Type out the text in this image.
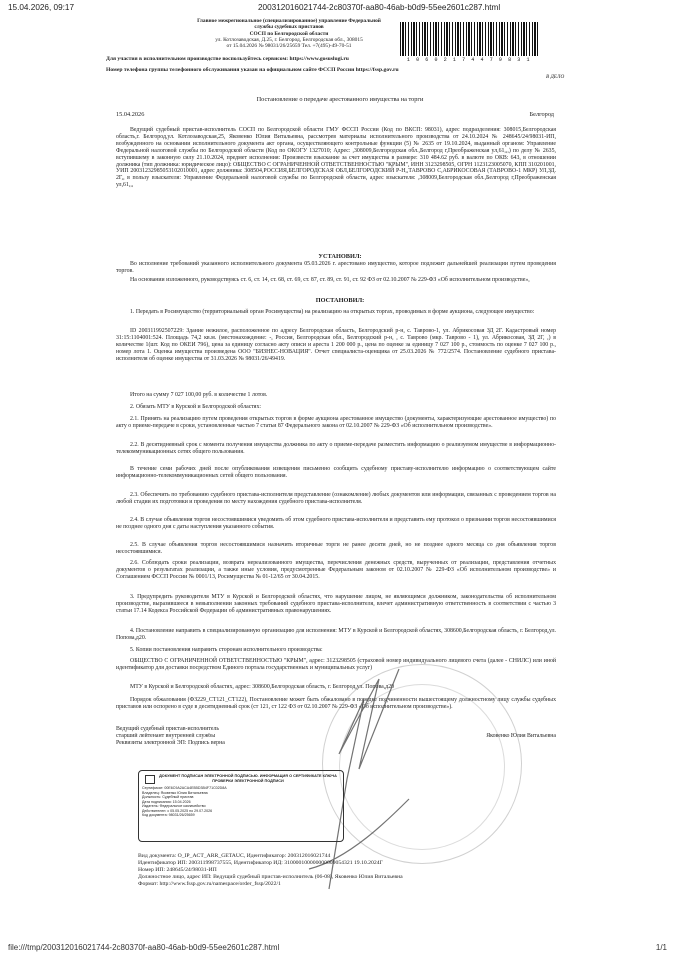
15.04.2026, 09:17	200312016021744-2c80370f-aa80-46ab-b0d9-55ee2601c287.html
Главное межрегиональное (специализированное) управление Федеральной
службы судебных приставов
СОСП по Белгородской области
ул. Котлозаводская, Д.25, г. Белгород, Белгородская обл., 308015
от 15.04.2026 № 98031/26/25659 Тел. +7(495)-49-70-51
1 0 6 0 2 1 7 4 4 7 9 8 3 1
Для участия в исполнительном производстве воспользуйтесь сервисом: https://www.gosuslugi.ru
Номер телефона группы телефонного обслуживания указан на официальном сайте ФССП России https://fssp.gov.ru
В ДЕЛО
Постановление о передаче арестованного имущества на торги
15.04.2026	Белгород
Ведущий судебный пристав-исполнитель СОСП по Белгородской области ГМУ ФССП России (Код по ВКСП: 98031), адрес подразделения: 308015,Белгородская область,г. Белгород,ул. Котлозаводская,25, Яковенко Юлия Витальевна, рассмотрев материалы исполнительного производства от 24.10.2024 № 248645/24/98031-ИП, возбужденного на основании исполнительного документа акт органа, осуществляющего контрольные функции (5) № 2635 от 19.10.2024, выданный органом: Управление Федеральной налоговой службы по Белгородской области (Код по ОКОГУ 1327010; Адрес: ,308009,Белгородская обл.,Белгород г,Преображенская ул,61,,,) по делу № 2635, вступившему в законную силу 21.10.2024, предмет исполнения: Произвести взыскание за счет имущества в размере: 310 484.62 руб. в валюте по ОКВ: 643, в отношении должника (тип должника: юридическое лицо): ОБЩЕСТВО С ОГРАНИЧЕННОЙ ОТВЕТСТВЕННОСТЬЮ "КРЫМ", ИНН 3123298505, ОГРН 1123123005070, КПП 310201001, УИП 20031232985053102010001, адрес должника: 308504,РОССИЯ,БЕЛГОРОДСКАЯ ОБЛ,БЕЛГОРОДСКИЙ Р-Н,,ТАВРОВО С,АБРИКОСОВАЯ (ТАВРОВО-1 МКР) УЛ,ЗД. 2Г,, в пользу взыскателя: Управление Федеральной налоговой службы по Белгородской области, адрес взыскателя: ,308009,Белгородская обл.,Белгород г,Преображенская ул,61,,,
УСТАНОВИЛ:
Во исполнение требований указанного исполнительного документа 05.03.2026 г. арестовано имущество, которое подлежит дальнейшей реализации путем проведения торгов.
На основании изложенного, руководствуясь ст. 6, ст. 14, ст. 68, ст. 69, ст. 87, ст. 89, ст. 91, ст. 92 ФЗ от 02.10.2007 № 229-ФЗ «Об исполнительном производстве»,
ПОСТАНОВИЛ:
1. Передать в Росимущество (территориальный орган Росимущества) на реализацию на открытых торгах, проводимых в форме аукциона, следующее имущество:
ID 200311992507229: Здание нежилое, расположенное по адресу Белгородская область, Белгородский р-н, с. Таврово-1, ул. Абрикосовая ЗД 2Г. Кадастровый номер 31:15:1104001:524. Площадь 74,2 кв.м. (местонахождение: -, Россия, Белгородская обл., Белгородский р-н, , с. Таврово (мкр. Таврово - 1), ул. Абрикосовая, ЗД 2Г, ,) в количестве 1(шт. Код по ОКЕИ 796), цена за единицу согласно акту описи и ареста 1 200 000 р., цена по оценке за единицу 7 027 100 р., стоимость по оценке 7 027 100 р., номер лота 1. Оценка имущества произведена ООО "БИЗНЕС-НОВАЦИЯ". Отчет специалиста-оценщика от 25.03.2026 № 772/2574. Постановление судебного пристава-исполнителя об оценке имущества от 31.03.2026 № 98031/26/49419.
Итого на сумму 7 027 100,00 руб. в количестве 1 лотов.
2. Обязать МТУ в Курской и Белгородской областях:
2.1. Принять на реализацию путем проведения открытых торгов в форме аукциона арестованное имущество (документы, характеризующие арестованное имущество) по акту о приеме-передаче в сроки, установленные частью 7 статьи 87 Федерального закона от 02.10.2007 № 229-ФЗ «Об исполнительном производстве».
2.2. В десятидневный срок с момента получения имущества должника по акту о приеме-передаче разместить информацию о реализуемом имуществе в информационно-телекоммуникационных сетях общего пользования.
В течение семи рабочих дней после опубликования извещения письменно сообщить судебному приставу-исполнителю информацию о соответствующем сайте информационно-телекоммуникационных сетей общего пользования.
2.3. Обеспечить по требованию судебного пристава-исполнителя представление (ознакомление) любых документов или информации, связанных с проведением торгов на любой стадии их подготовки и проведения по месту нахождения судебного пристава-исполнителя.
2.4. В случае объявления торгов несостоявшимися уведомить об этом судебного пристава-исполнителя и представить ему протокол о признании торгов несостоявшимися не позднее одного дня с даты наступления указанного события.
2.5. В случае объявления торгов несостоявшимися назначить вторичные торги не ранее десяти дней, но не позднее одного месяца со дня объявления торгов несостоявшимися.
2.6. Соблюдать сроки реализации, возврата нереализованного имущества, перечисления денежных средств, вырученных от реализации, представления отчетных документов о результатах реализации, а также иные условия, предусмотренные Федеральным законом от 02.10.2007 № 229-ФЗ «Об исполнительном производстве» и Соглашением ФССП России № 0001/13, Росимущества № 01-12/65 от 30.04.2015.
3. Предупредить руководителя МТУ в Курской и Белгородской областях, что нарушение лицом, не являющимся должником, законодательства об исполнительном производстве, выразившееся в невыполнении законных требований судебного пристава-исполнителя, влечет административную ответственность в соответствии с частью 3 статьи 17.14 Кодекса Российской Федерации об административных правонарушениях.
4. Постановление направить в специализированную организацию для исполнения: МТУ в Курской и Белгородской областях, 308600,Белгородская область, г. Белгород,ул. Попова,д20.
5. Копии постановления направить сторонам исполнительного производства:
ОБЩЕСТВО С ОГРАНИЧЕННОЙ ОТВЕТСТВЕННОСТЬЮ "КРЫМ", адрес: 3123298505 (страховой номер индивидуального лицевого счета (далее - СНИЛС) или иной идентификатор для доставки посредством Единого портала государственных и муниципальных услуг)
МТУ в Курской и Белгородской областях, адрес: 308600,Белгородская область, г. Белгород,ул. Попова,д20
Порядок обжалования (ФЗ229_СТ121_СТ122), Постановление может быть обжаловано в порядке подчиненности вышестоящему должностному лицу службы судебных приставов или оспорено в суде в десятидневный срок (ст 121, ст 122 ФЗ от 02.10.2007 № 229-ФЗ «Об исполнительном производстве»).
Ведущий судебный пристав-исполнитель
старший лейтенант внутренней службы	Яковенко Юлия Витальевна
Реквизиты электронной ЭП: Подпись верна
ДОКУМЕНТ ПОДПИСАН ЭЛЕКТРОННОЙ ПОДПИСЬЮ. ИНФОРМАЦИЯ О СЕРТИФИКАТЕ КЛЮЧА ПРОВЕРКИ ЭЛЕКТРОННОЙ ПОДПИСИ
Сертификат: 00E6C9A2ACA4EB5D3B4F71C02D8A
Владелец: Яковенко Юлия Витальевна
Должность: Судебный пристав
Дата подписания: 15.04.2026
Издатель: Федеральное казначейство
Действителен: с 05.05.2025 по 29.07.2026
Код документа: 98031/26/25659
Вид документа: O_IP_ACT_ARR_GETAUC, Идентификатор: 200312016021744
Идентификатор ИП: 200311998737555, Идентификатор ИД: 310000100000000009054321 19.10.2024Г
Номер ИП: 248645/24/98031-ИП
Должностное лицо, адрес ИП: Ведущий судебный пристав-исполнитель (06-08), Яковенко Юлия Витальевна
Формат: http://www.fssp.gov.ru/namespace/order_fssp/2022/1
file:///tmp/200312016021744-2c80370f-aa80-46ab-b0d9-55ee2601c287.html	1/1
